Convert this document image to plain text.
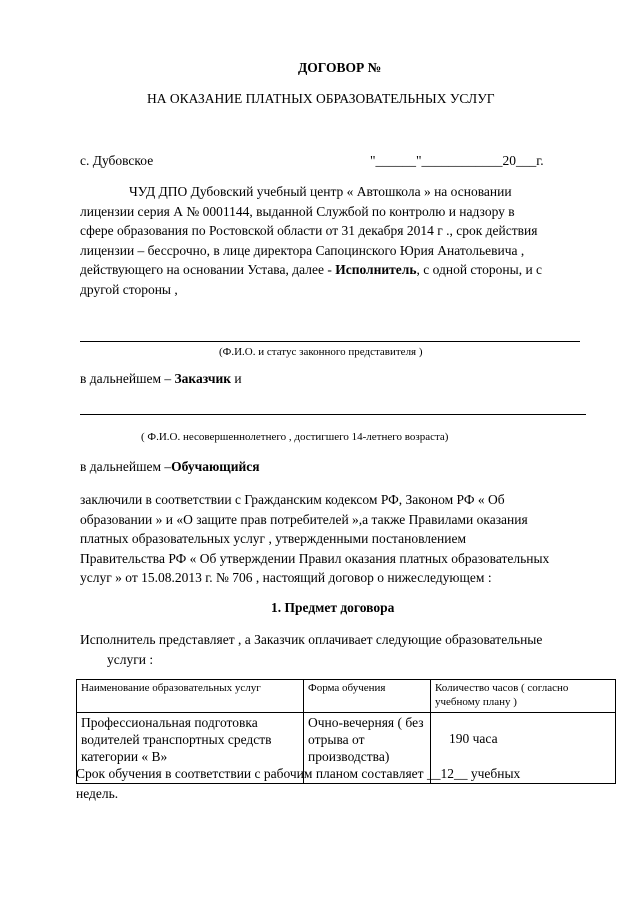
ДОГОВОР №
НА ОКАЗАНИЕ ПЛАТНЫХ ОБРАЗОВАТЕЛЬНЫХ УСЛУГ
с. Дубовское	"______"____________20___г.
ЧУД ДПО Дубовский учебный центр « Автошкола » на основании
лицензии серия А № 0001144, выданной Службой по контролю и надзору в
сфере образования по Ростовской области от 31 декабря 2014 г ., срок действия
лицензии – бессрочно, в лице директора Сапоцинского Юрия Анатольевича ,
действующего на основании Устава, далее - Исполнитель, с одной стороны, и с
другой стороны ,
(Ф.И.О. и статус законного представителя )
в дальнейшем – Заказчик и
( Ф.И.О. несовершеннолетнего , достигшего 14-летнего возраста)
в дальнейшем –Обучающийся
заключили в соответствии с Гражданским кодексом РФ, Законом РФ « Об
образовании » и «О защите прав потребителей »,а также Правилами оказания
платных образовательных услуг , утвержденными постановлением
Правительства РФ « Об утверждении Правил оказания платных образовательных
услуг » от 15.08.2013 г. № 706 , настоящий договор о нижеследующем :
1. Предмет договора
Исполнитель представляет , а Заказчик оплачивает следующие образовательные
услуги :
Наименование образовательных услуг	Форма обучения	Количество часов ( согласно учебному плану )
Профессиональная подготовка водителей транспортных средств категории « В»	Очно-вечерняя ( без отрыва от производства)	190 часа
Срок обучения в соответствии с рабочим планом составляет __12__ учебных
недель.
